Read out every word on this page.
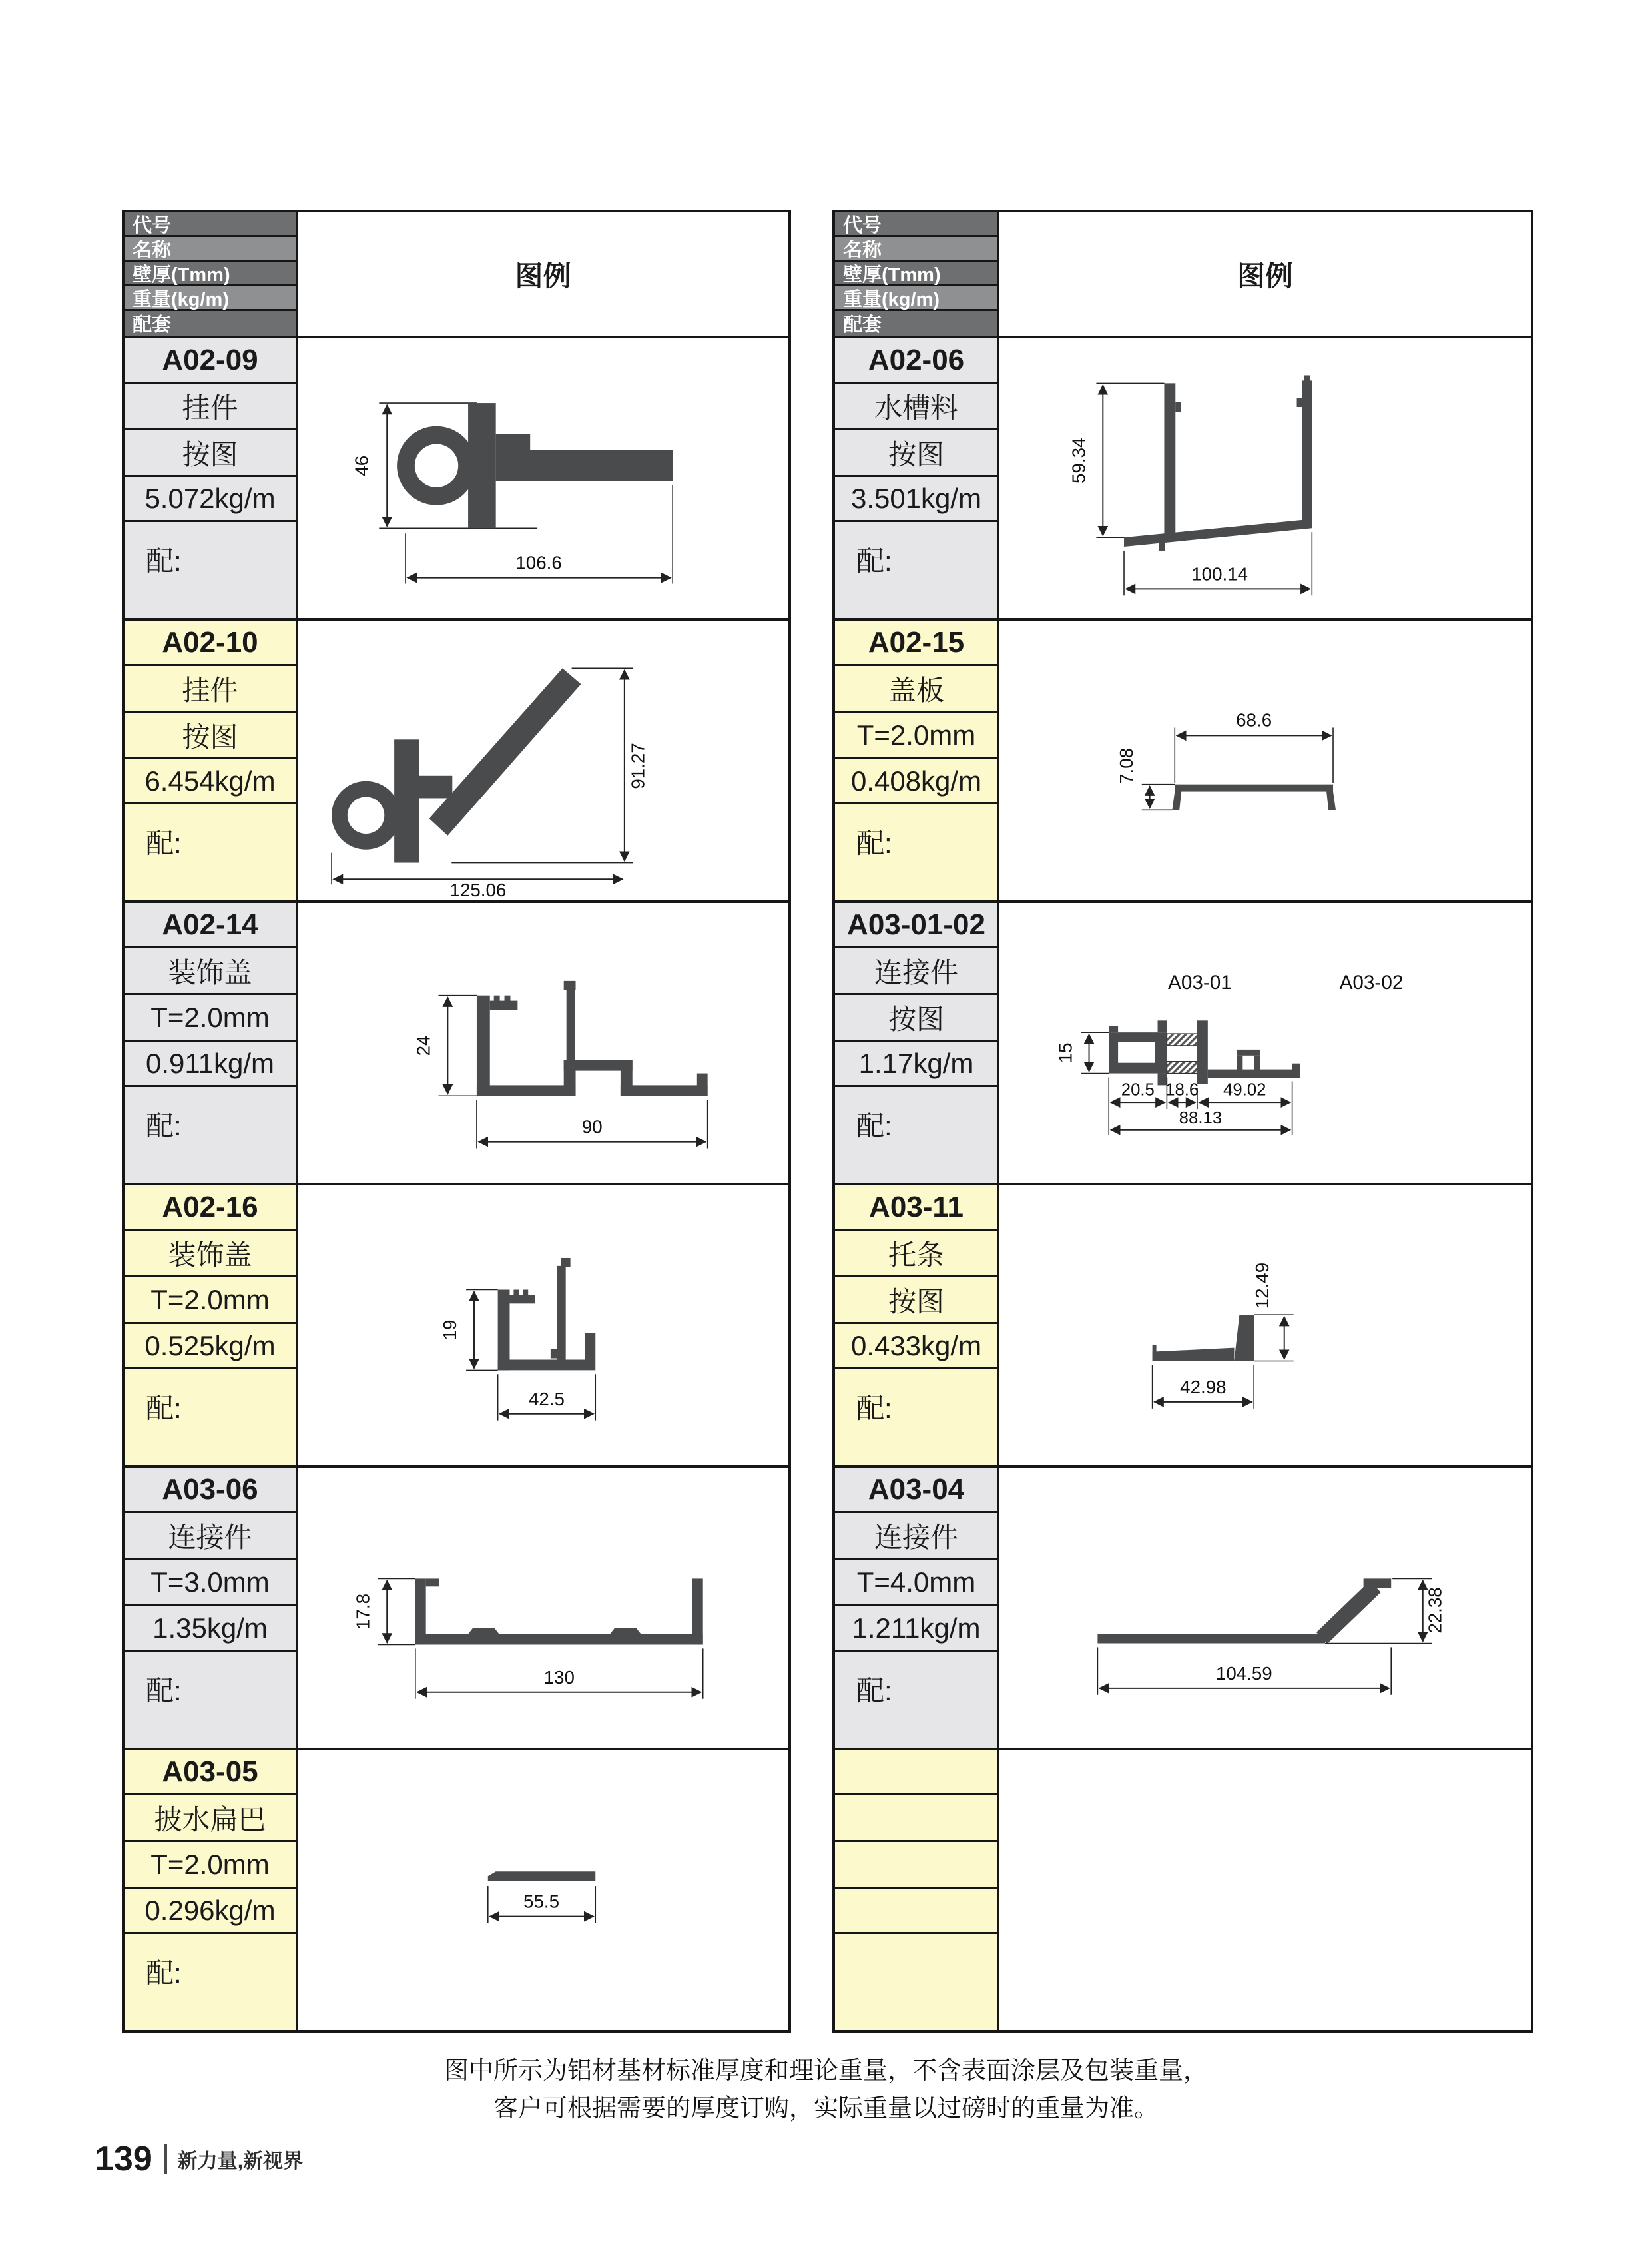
代号
名称
壁厚(Tmm)
重量(kg/m)
配套
图例
A02-09
挂件
按图
5.072kg/m
配:
46
106.6
A02-10
挂件
按图
6.454kg/m
配:
91.27
125.06
A02-14
装饰盖
T=2.0mm
0.911kg/m
配:
24
90
A02-16
装饰盖
T=2.0mm
0.525kg/m
配:
19
42.5
A03-06
连接件
T=3.0mm
1.35kg/m
配:
17.8
130
A03-05
披水扁巴
T=2.0mm
0.296kg/m
配:
55.5
代号
名称
壁厚(Tmm)
重量(kg/m)
配套
图例
A02-06
水槽料
按图
3.501kg/m
配:
59.34
100.14
A02-15
盖板
T=2.0mm
0.408kg/m
配:
68.6
7.08
A03-01-02
连接件
按图
1.17kg/m
配:
A03-01	A03-02
15
20.5 18.6 49.02
88.13
A03-11
托条
按图
0.433kg/m
配:
12.49
42.98
A03-04
连接件
T=4.0mm
1.211kg/m
配:
22.38
104.59
图中所示为铝材基材标准厚度和理论重量，不含表面涂层及包装重量，
客户可根据需要的厚度订购，实际重量以过磅时的重量为准。
139 新力量,新视界
